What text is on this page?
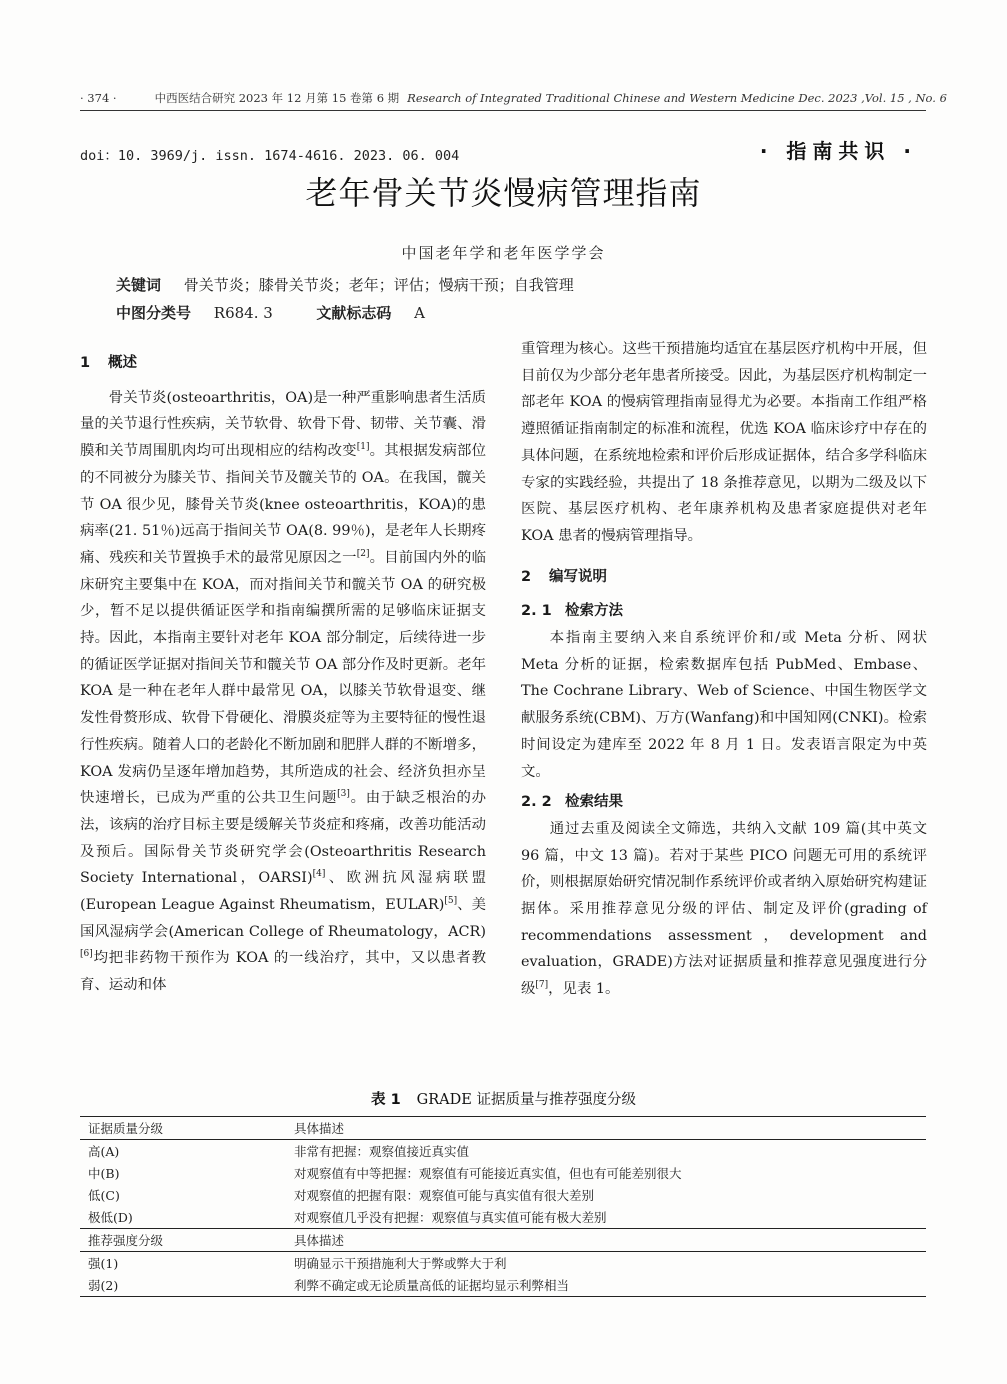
· 374 ·	中西医结合研究 2023 年 12 月第 15 卷第 6 期 Research of Integrated Traditional Chinese and Western Medicine Dec. 2023 ,Vol. 15 , No. 6
doi：10. 3969/j. issn. 1674-4616. 2023. 06. 004	· 指南共识 ·
老年骨关节炎慢病管理指南
中国老年学和老年医学学会
关键词 骨关节炎；膝骨关节炎；老年；评估；慢病干预；自我管理
中图分类号 R684. 3	文献标志码 A
1 概述

骨关节炎(osteoarthritis，OA)是一种严重影响患者生活质量的关节退行性疾病，关节软骨、软骨下骨、韧带、关节囊、滑膜和关节周围肌肉均可出现相应的结构改变[1]。其根据发病部位的不同被分为膝关节、指间关节及髋关节的 OA。在我国，髋关节 OA 很少见，膝骨关节炎(knee osteoarthritis，KOA)的患病率(21. 51％)远高于指间关节 OA(8. 99％)，是老年人长期疼痛、残疾和关节置换手术的最常见原因之一[2]。目前国内外的临床研究主要集中在 KOA，而对指间关节和髋关节 OA 的研究极少，暂不足以提供循证医学和指南编撰所需的足够临床证据支持。因此，本指南主要针对老年 KOA 部分制定，后续待进一步的循证医学证据对指间关节和髋关节 OA 部分作及时更新。老年 KOA 是一种在老年人群中最常见 OA，以膝关节软骨退变、继发性骨赘形成、软骨下骨硬化、滑膜炎症等为主要特征的慢性退行性疾病。随着人口的老龄化不断加剧和肥胖人群的不断增多，KOA 发病仍呈逐年增加趋势，其所造成的社会、经济负担亦呈快速增长，已成为严重的公共卫生问题[3]。由于缺乏根治的办法，该病的治疗目标主要是缓解关节炎症和疼痛，改善功能活动及预后。国际骨关节炎研究学会(Osteoarthritis Research Society International，OARSI)[4]、欧洲抗风湿病联盟(European League Against Rheumatism，EULAR)[5]、美国风湿病学会(American College of Rheumatology，ACR)[6]均把非药物干预作为 KOA 的一线治疗，其中，又以患者教育、运动和体

重管理为核心。这些干预措施均适宜在基层医疗机构中开展，但目前仅为少部分老年患者所接受。因此，为基层医疗机构制定一部老年 KOA 的慢病管理指南显得尤为必要。本指南工作组严格遵照循证指南制定的标准和流程，优选 KOA 临床诊疗中存在的具体问题，在系统地检索和评价后形成证据体，结合多学科临床专家的实践经验，共提出了 18 条推荐意见，以期为二级及以下医院、基层医疗机构、老年康养机构及患者家庭提供对老年 KOA 患者的慢病管理指导。

2 编写说明
2. 1 检索方法

本指南主要纳入来自系统评价和/或 Meta 分析、网状 Meta 分析的证据，检索数据库包括 PubMed、Embase、The Cochrane Library、Web of Science、中国生物医学文献服务系统(CBM)、万方(Wanfang)和中国知网(CNKI)。检索时间设定为建库至 2022 年 8 月 1 日。发表语言限定为中英文。

2. 2 检索结果

通过去重及阅读全文筛选，共纳入文献 109 篇(其中英文 96 篇，中文 13 篇)。若对于某些 PICO 问题无可用的系统评价，则根据原始研究情况制作系统评价或者纳入原始研究构建证据体。采用推荐意见分级的评估、制定及评价(grading of recommendations assessment，development and evaluation，GRADE)方法对证据质量和推荐意见强度进行分级[7]，见表 1。

表 1 GRADE 证据质量与推荐强度分级
证据质量分级	具体描述
高(A)	非常有把握：观察值接近真实值
中(B)	对观察值有中等把握：观察值有可能接近真实值，但也有可能差别很大
低(C)	对观察值的把握有限：观察值可能与真实值有很大差别
极低(D)	对观察值几乎没有把握：观察值与真实值可能有极大差别
推荐强度分级	具体描述
强(1)	明确显示干预措施利大于弊或弊大于利
弱(2)	利弊不确定或无论质量高低的证据均显示利弊相当
